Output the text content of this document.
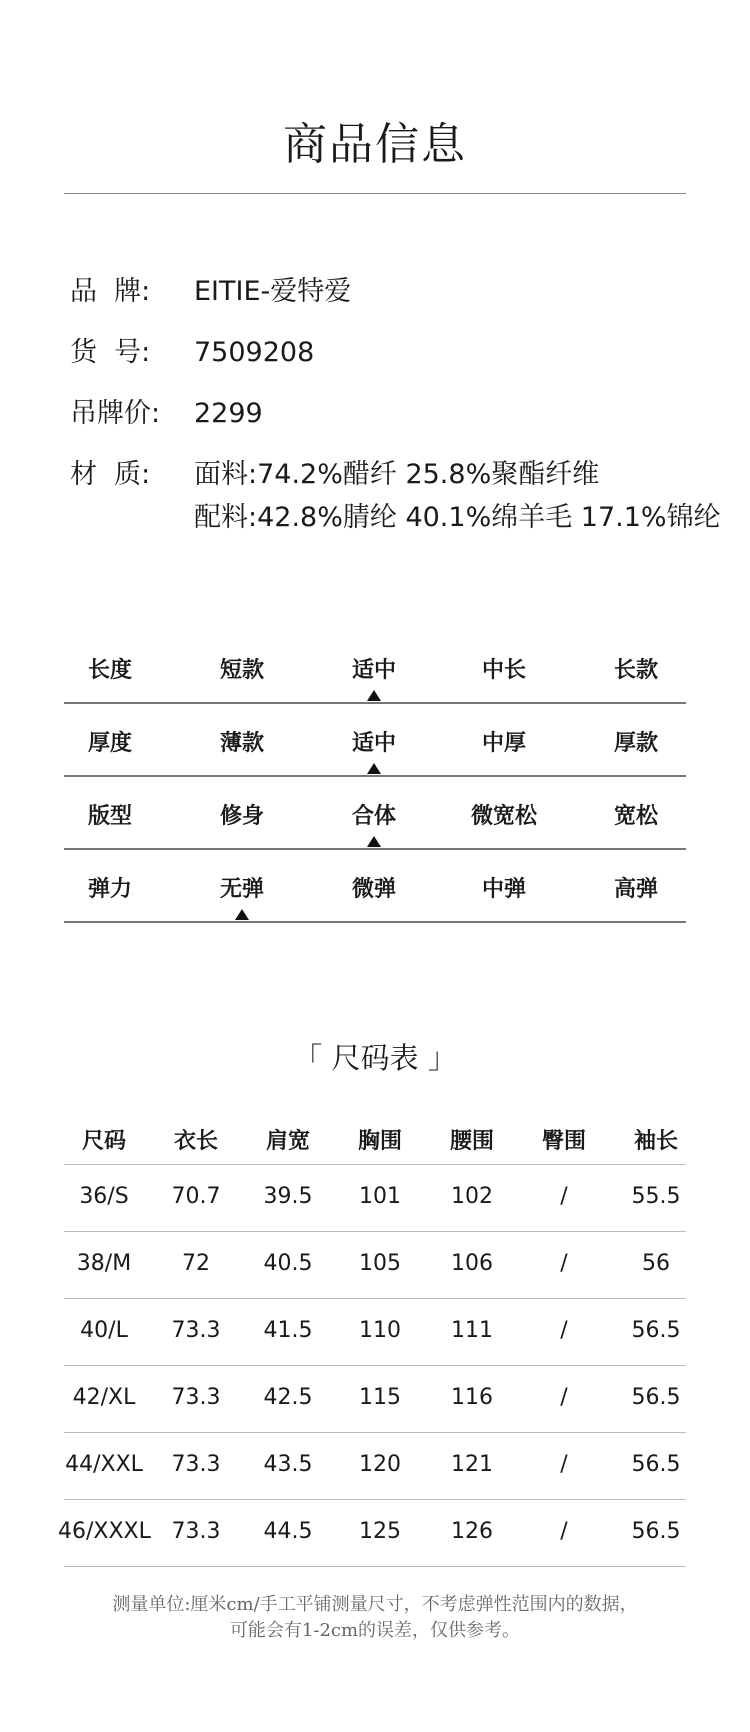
商品信息
品  牌:	EITIE-爱特爱
货  号:	7509208
吊牌价:	2299
材  质:	面料:74.2%醋纤 25.8%聚酯纤维
配料:42.8%腈纶 40.1%绵羊毛 17.1%锦纶
长度	短款	适中	中长	长款
厚度	薄款	适中	中厚	厚款
版型	修身	合体	微宽松	宽松
弹力	无弹	微弹	中弹	高弹
「 尺码表 」
尺码	衣长	肩宽	胸围	腰围	臀围	袖长
36/S	70.7	39.5	101	102	/	55.5
38/M	72	40.5	105	106	/	56
40/L	73.3	41.5	110	111	/	56.5
42/XL	73.3	42.5	115	116	/	56.5
44/XXL	73.3	43.5	120	121	/	56.5
46/XXXL 73.3	44.5	125	126	/	56.5
测量单位:厘米cm/手工平铺测量尺寸，不考虑弹性范围内的数据，
可能会有1-2cm的误差，仅供参考。
